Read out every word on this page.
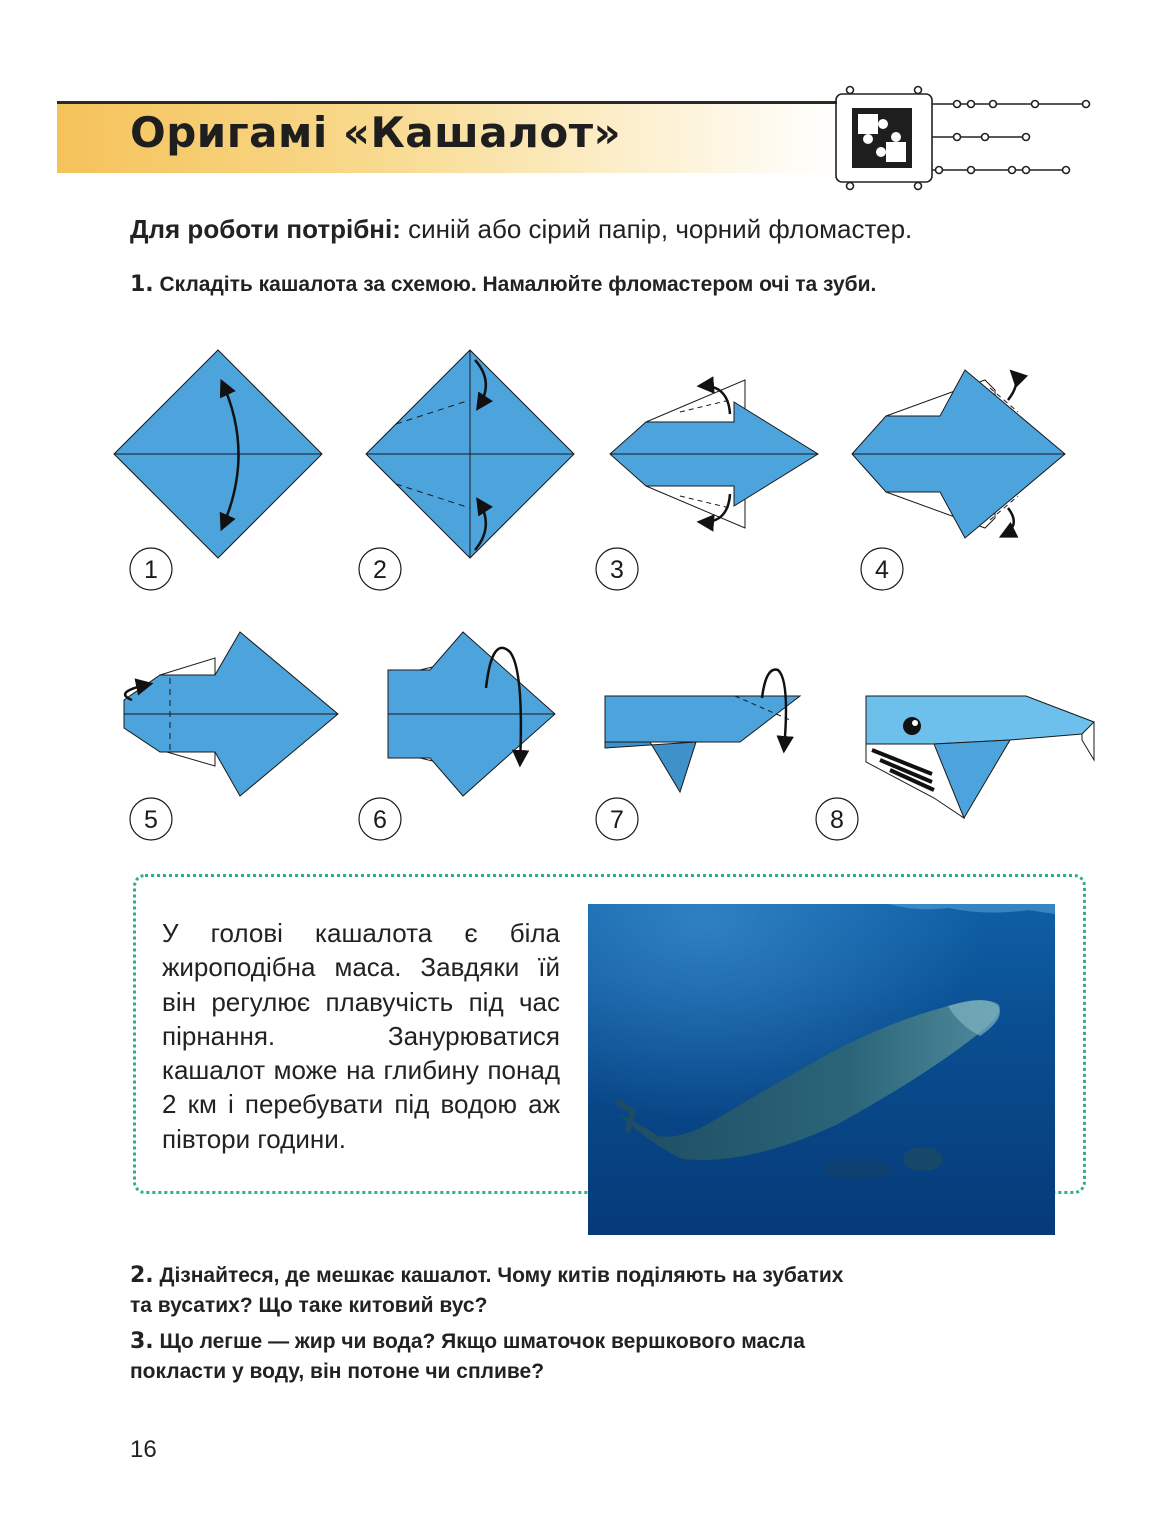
Оригамі «Кашалот»
Для роботи потрібні: синій або сірий папір, чорний фломастер.
1. Складіть кашалота за схемою. Намалюйте фломастером очі та зуби.
1	2	3	4
5	6	7	8

У голові кашалота є біла жироподібна маса. Завдяки їй він регулює плавучість під час пірнання. Занурюватися кашалот може на глибину понад 2 км і перебувати під водою аж півтори години.

2. Дізнайтеся, де мешкає кашалот. Чому китів поділяють на зубатих та вусатих? Що таке китовий вус?
3. Що легше — жир чи вода? Якщо шматочок вершкового масла покласти у воду, він потоне чи спливе?
16
